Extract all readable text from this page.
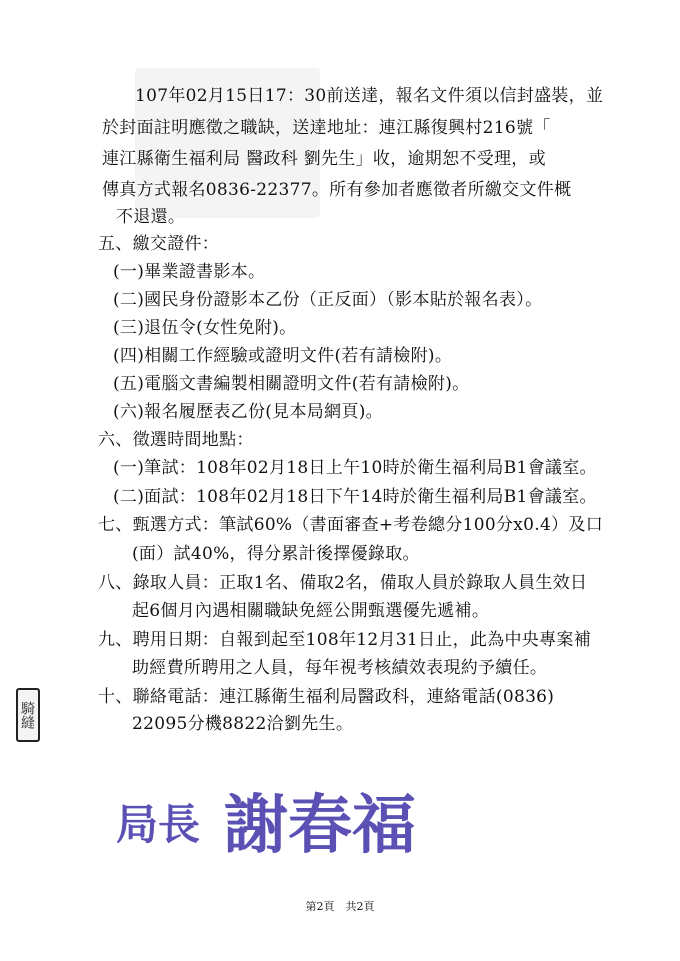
107年02月15日17：30前送達，報名文件須以信封盛裝，並
於封面註明應徵之職缺，送達地址：連江縣復興村216號「
連江縣衛生福利局 醫政科 劉先生」收，逾期恕不受理，或
傳真方式報名0836-22377。所有參加者應徵者所繳交文件概
不退還。
五、繳交證件：
(一)畢業證書影本。
(二)國民身份證影本乙份（正反面）（影本貼於報名表）。
(三)退伍令(女性免附)。
(四)相關工作經驗或證明文件(若有請檢附)。
(五)電腦文書編製相關證明文件(若有請檢附)。
(六)報名履歷表乙份(見本局網頁)。
六、徵選時間地點：
(一)筆試：108年02月18日上午10時於衛生福利局B1會議室。
(二)面試：108年02月18日下午14時於衛生福利局B1會議室。
七、甄選方式：筆試60%（書面審查+考卷總分100分x0.4）及口
(面）試40%，得分累計後擇優錄取。
八、錄取人員：正取1名、備取2名，備取人員於錄取人員生效日
起6個月內遇相關職缺免經公開甄選優先遞補。
九、聘用日期：自報到起至108年12月31日止，此為中央專案補
助經費所聘用之人員，每年視考核績效表現約予續任。
十、聯絡電話：連江縣衛生福利局醫政科，連絡電話(0836)
22095分機8822洽劉先生。
騎縫
局長 謝春福
第2頁　共2頁
